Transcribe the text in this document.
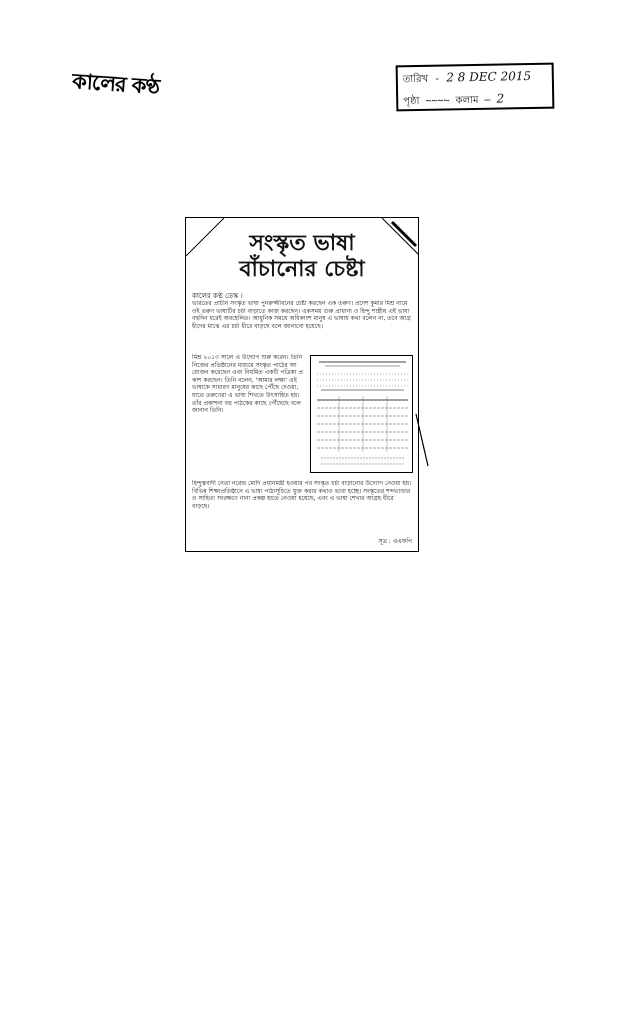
কালের কণ্ঠ	তারিখ - 2 8 DEC 2015
পৃষ্ঠা ~~~~ কলাম — 2
সংস্কৃত ভাষা
বাঁচানোর চেষ্টা
কালের কণ্ঠ ডেস্ক ।
ভারতের প্রাচীন সংস্কৃত ভাষা পুনরুজ্জীবনের চেষ্টা করছেন এক তরুণ। প্রদেশ কুমার মিশ্র নামে ওই তরুণ ভাষাটির চর্চা বাড়াতে কাজ করছেন। একসময় গুরু প্রাধান্য ও হিন্দু শাস্ত্রীয় এই ভাষা বহুদিন ধরেই অবহেলিত। আধুনিক সময়ে অধিকাংশ মানুষ এ ভাষায় কথা বলেন না, তবে আগ্রহীদের মাঝে এর চর্চা ধীরে বাড়ছে বলে জানানো হয়েছে।
মিশ্র ২০১৩ সালে এ উদ্যোগ শুরু করেন। তিনি নিজের প্রতিষ্ঠানের মাধ্যমে সংস্কৃত পাঠের আয়োজন করেছেন এবং নিয়মিত একটি পত্রিকা প্রকাশ করছেন। তিনি বলেন, 'আমার লক্ষ্য' এই ভাষাকে সাধারণ মানুষের কাছে পৌঁছে দেওয়া, যাতে তরুণেরা এ ভাষা শিখতে উৎসাহিত হয়। তাঁর প্রকাশনা বহু পাঠকের কাছে পৌঁছেছে বলে জানান তিনি।
হিন্দুত্ববাদী নেতা নরেন্দ্র মোদি প্রধানমন্ত্রী হওয়ার পর সংস্কৃত চর্চা বাড়ানোর উদ্যোগ নেওয়া হয়। বিভিন্ন শিক্ষাপ্রতিষ্ঠানে এ ভাষা পাঠ্যসূচিতে যুক্ত করার কথাও ভাবা হচ্ছে। সংস্কৃতের শব্দভাণ্ডার ও সাহিত্য সংরক্ষণে নানা প্রকল্প হাতে নেওয়া হয়েছে, এবং এ ভাষা শেখার আগ্রহ ধীরে বাড়ছে।
সূত্র : এএফপি
